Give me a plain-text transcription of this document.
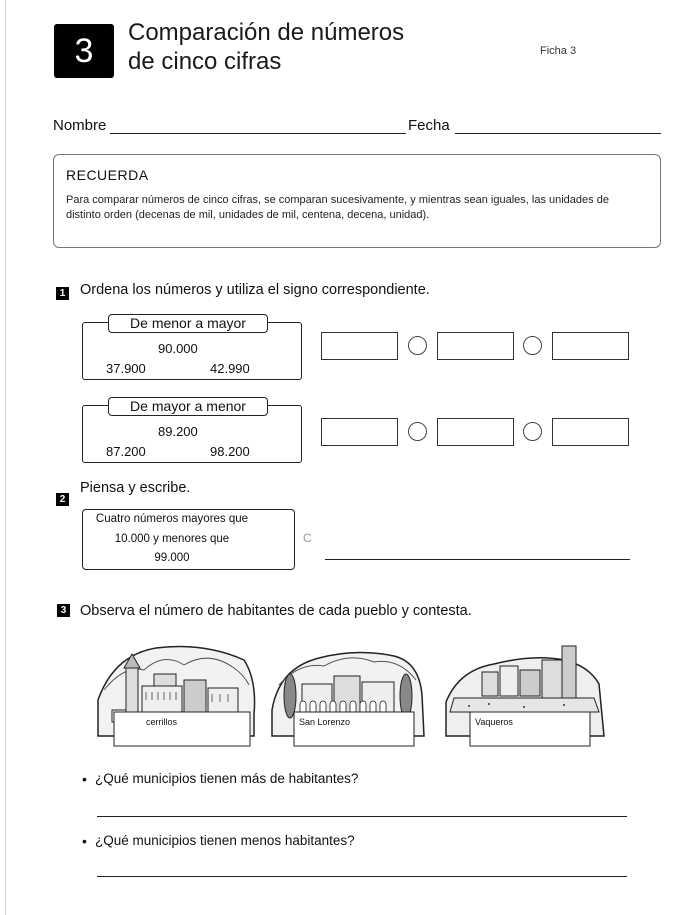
3	Comparación de números
de cinco cifras	Ficha 3
Nombre	Fecha
RECUERDA
Para comparar números de cinco cifras, se comparan sucesivamente, y mientras sean iguales, las unidades de distinto orden (decenas de mil, unidades de mil, centena, decena, unidad).
1 Ordena los números y utiliza el signo correspondiente.
De menor a mayor
90.000
37.900	42.990
De mayor a menor
89.200
87.200	98.200
2
Piensa y escribe.
Cuatro números mayores que
10.000 y menores que
99.000
C
3 Observa el número de habitantes de cada pueblo y contesta.
cerrillos	San Lorenzo	Vaqueros
• ¿Qué municipios tienen más de habitantes?
• ¿Qué municipios tienen menos habitantes?
